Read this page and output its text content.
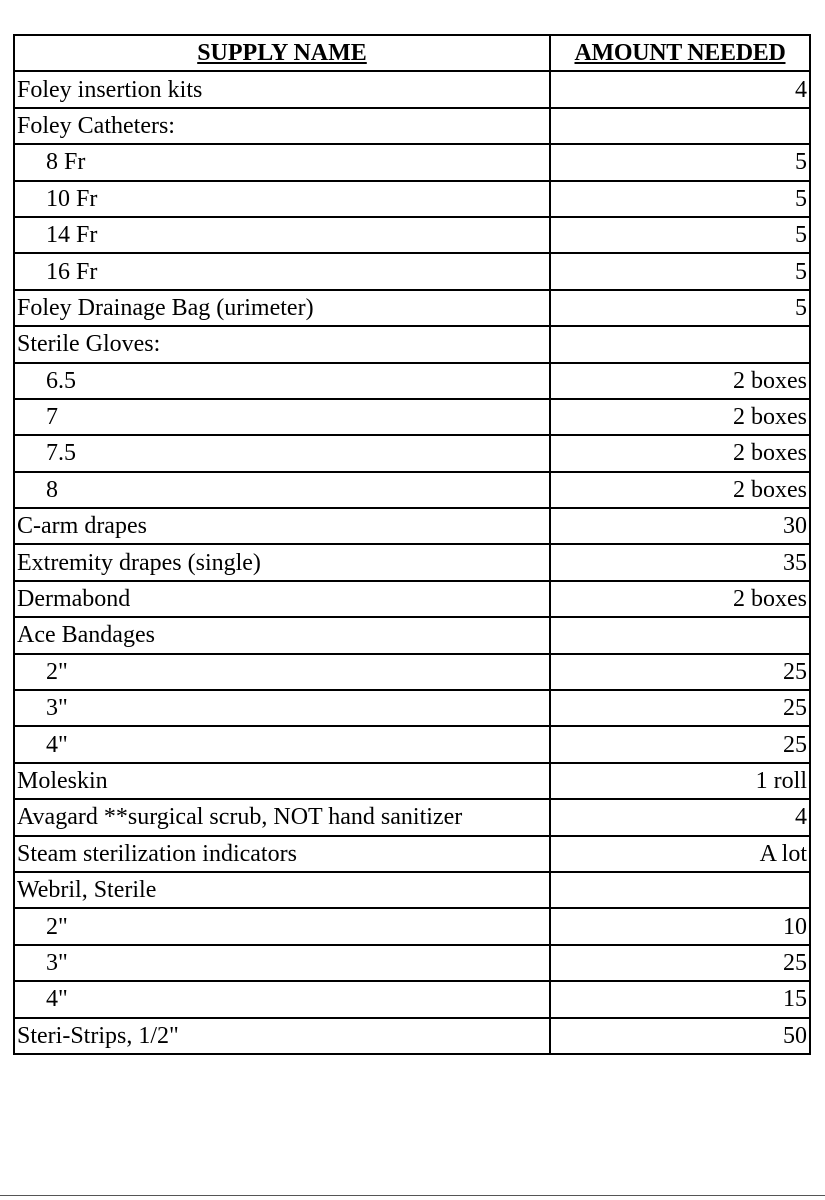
SUPPLY NAME	AMOUNT NEEDED
Foley insertion kits	4
Foley Catheters:	
8 Fr	5
10 Fr	5
14 Fr	5
16 Fr	5
Foley Drainage Bag (urimeter)	5
Sterile Gloves:	
6.5	2 boxes
7	2 boxes
7.5	2 boxes
8	2 boxes
C-arm drapes	30
Extremity drapes (single)	35
Dermabond	2 boxes
Ace Bandages	
2"	25
3"	25
4"	25
Moleskin	1 roll
Avagard **surgical scrub, NOT hand sanitizer	4
Steam sterilization indicators	A lot
Webril, Sterile	
2"	10
3"	25
4"	15
Steri-Strips, 1/2"	50
